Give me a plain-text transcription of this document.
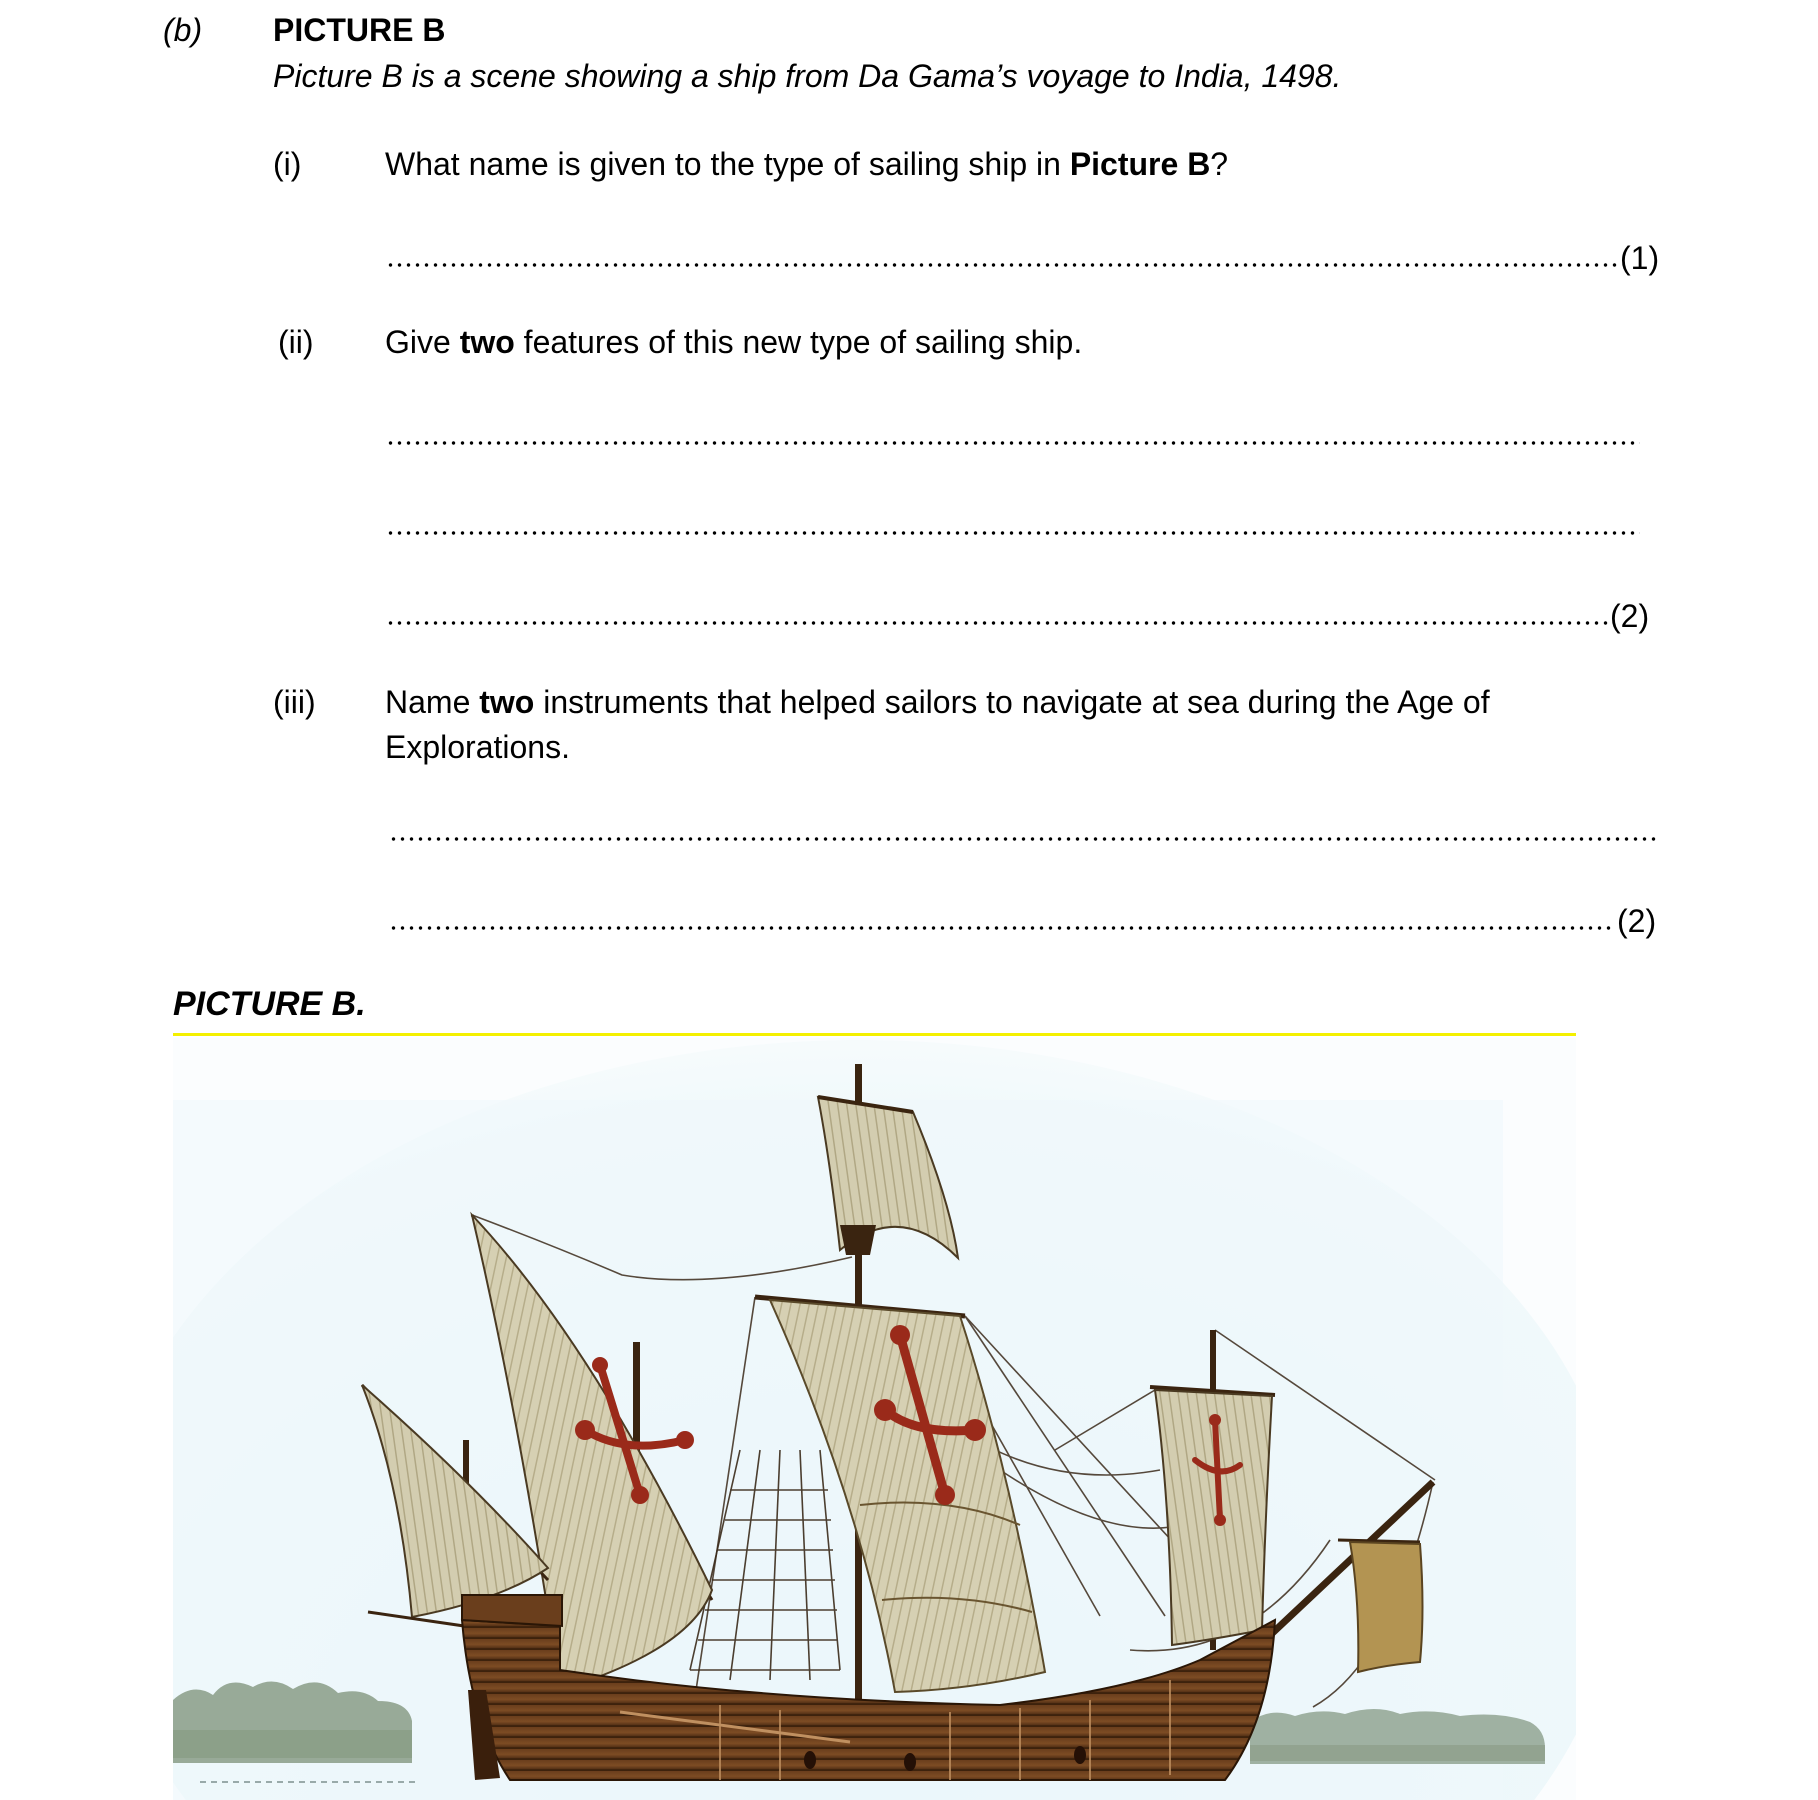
(b) PICTURE B
Picture B is a scene showing a ship from Da Gama’s voyage to India, 1498.
(i)	What name is given to the type of sailing ship in Picture B?
(1)
(ii) Give two features of this new type of sailing ship.
(2)
(iii) Name two instruments that helped sailors to navigate at sea during the Age of
Explorations.
(2)
PICTURE B.
